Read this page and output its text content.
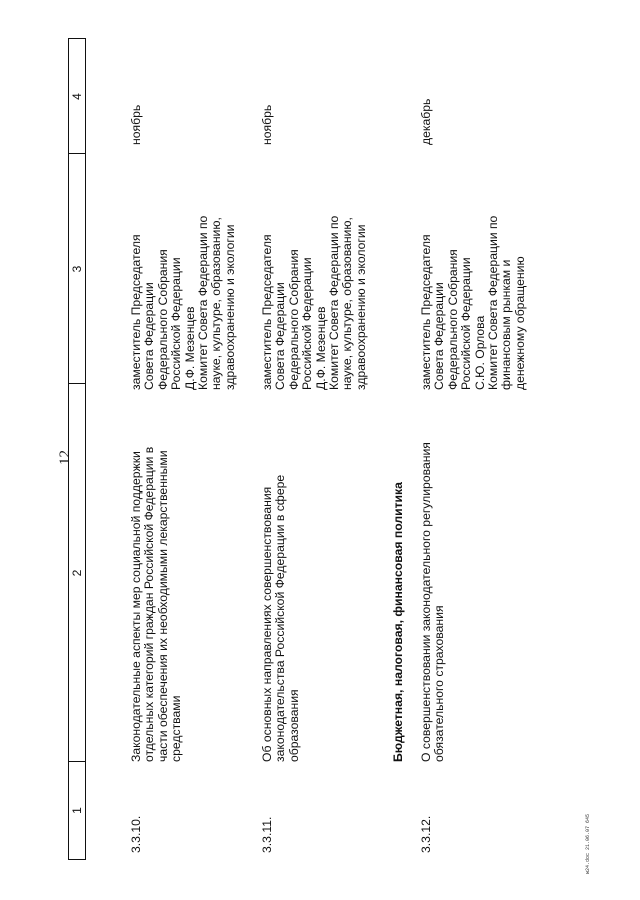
12
1
2
3
4
3.3.10.
Законодательные аспекты мер социальной поддержки
отдельных категорий граждан Российской Федерации в
части обеспечения их необходимыми лекарственными
средствами
заместитель Председателя
Совета Федерации
Федерального Собрания
Российской Федерации
Д.Ф. Мезенцев
Комитет Совета Федерации по
науке, культуре, образованию,
здравоохранению и экологии
ноябрь
3.3.11.
Об основных направлениях совершенствования
законодательства Российской Федерации в сфере
образования
заместитель Председателя
Совета Федерации
Федерального Собрания
Российской Федерации
Д.Ф. Мезенцев
Комитет Совета Федерации по
науке, культуре, образованию,
здравоохранению и экологии
ноябрь
Бюджетная, налоговая, финансовая политика
3.3.12.
О совершенствовании законодательного регулирования
обязательного страхования
заместитель Председателя
Совета Федерации
Федерального Собрания
Российской Федерации
С.Ю. Орлова
Комитет Совета Федерации по
финансовым рынкам и
денежному обращению
декабрь
w24.doc 21.06.07 645
